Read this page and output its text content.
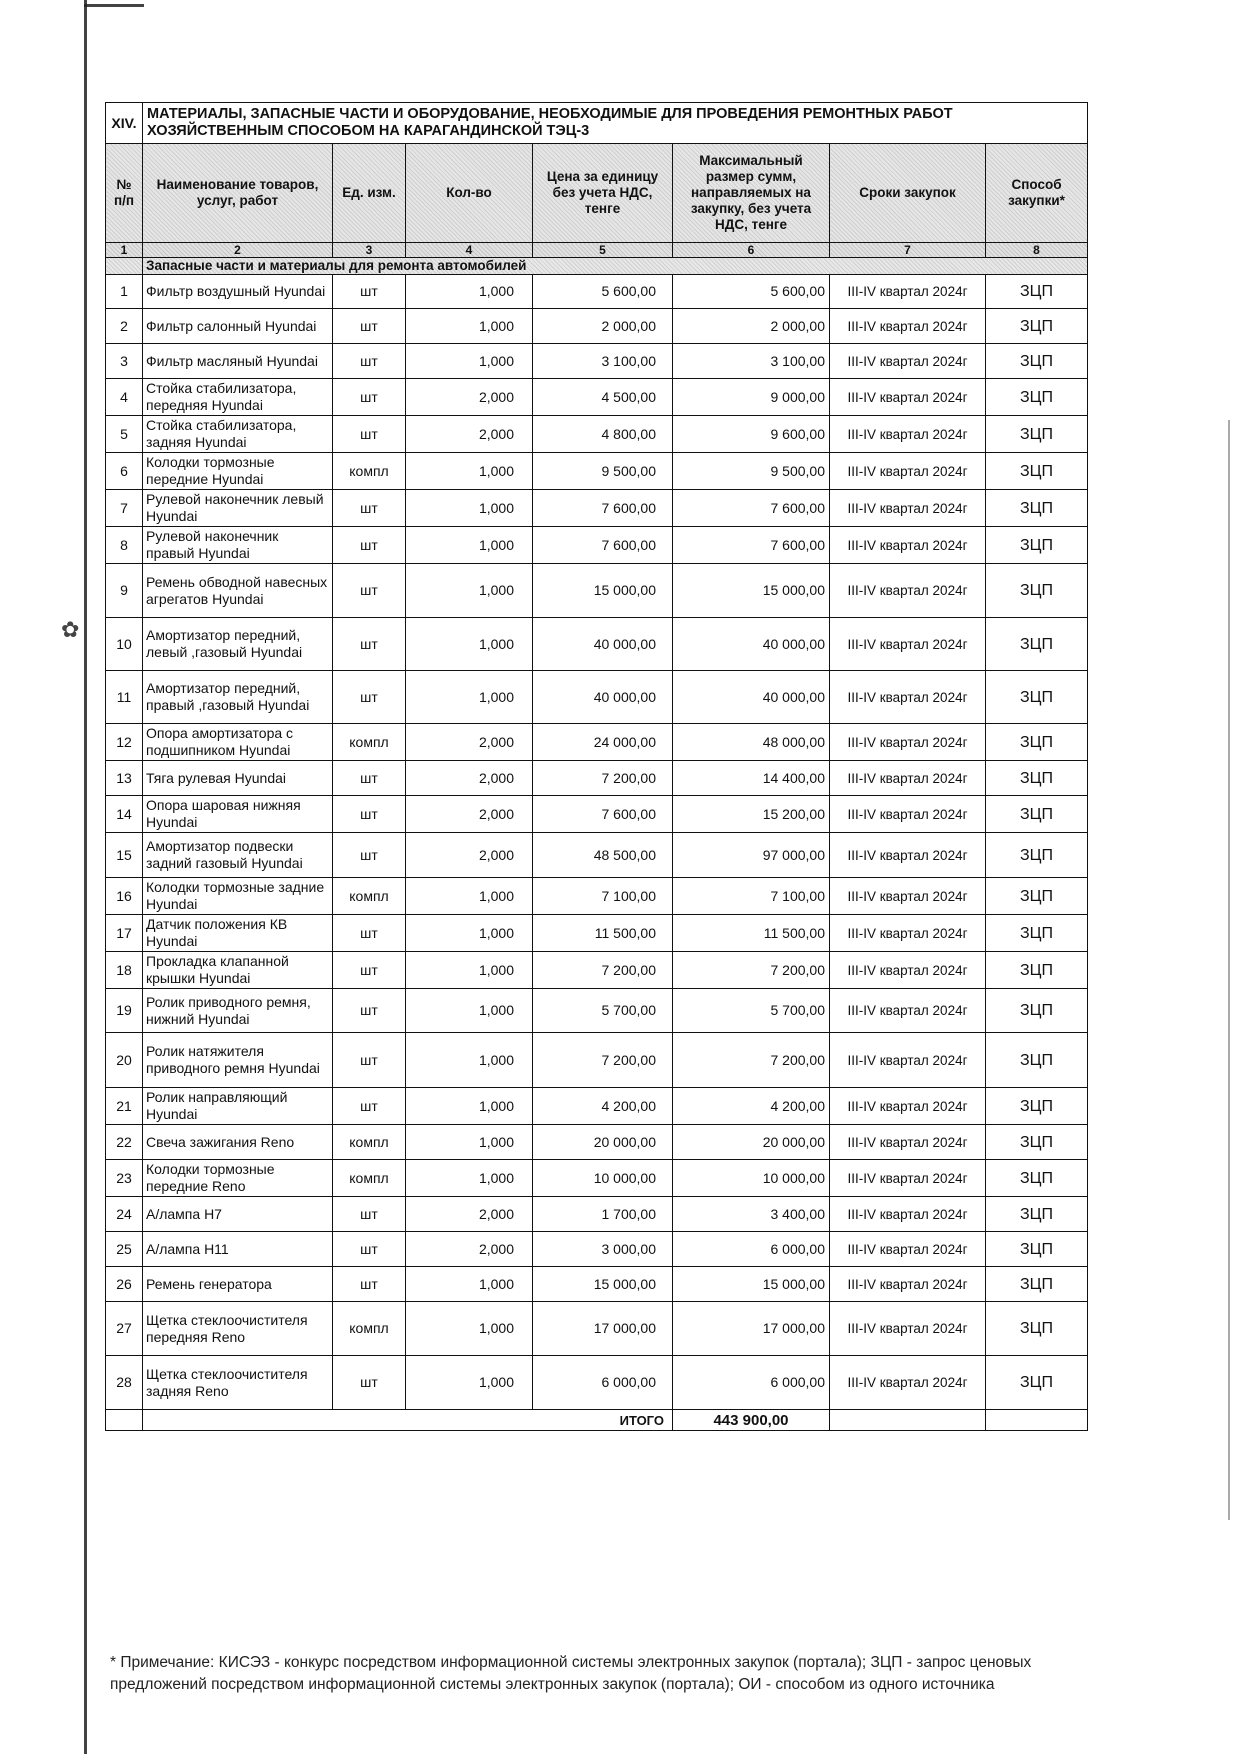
✿
XIV.	МАТЕРИАЛЫ, ЗАПАСНЫЕ ЧАСТИ И ОБОРУДОВАНИЕ, НЕОБХОДИМЫЕ ДЛЯ ПРОВЕДЕНИЯ РЕМОНТНЫХ РАБОТ ХОЗЯЙСТВЕННЫМ СПОСОБОМ НА КАРАГАНДИНСКОЙ ТЭЦ-3						
№ п/п	Наименование товаров, услуг, работ	Ед. изм.	Кол-во	Цена за единицу без учета НДС, тенге	Максимальный размер сумм, направляемых на закупку, без учета НДС, тенге	Сроки закупок	Способ закупки*
1	2	3	4	5	6	7	8
	Запасные части и материалы для ремонта автомобилей						
1	Фильтр воздушный Hyundai	шт	1,000	5 600,00	5 600,00	III-IV квартал 2024г	ЗЦП
2	Фильтр салонный Hyundai	шт	1,000	2 000,00	2 000,00	III-IV квартал 2024г	ЗЦП
3	Фильтр масляный Hyundai	шт	1,000	3 100,00	3 100,00	III-IV квартал 2024г	ЗЦП
4	Стойка стабилизатора, передняя Hyundai	шт	2,000	4 500,00	9 000,00	III-IV квартал 2024г	ЗЦП
5	Стойка стабилизатора, задняя Hyundai	шт	2,000	4 800,00	9 600,00	III-IV квартал 2024г	ЗЦП
6	Колодки тормозные передние Hyundai	компл	1,000	9 500,00	9 500,00	III-IV квартал 2024г	ЗЦП
7	Рулевой наконечник левый Hyundai	шт	1,000	7 600,00	7 600,00	III-IV квартал 2024г	ЗЦП
8	Рулевой наконечник правый Hyundai	шт	1,000	7 600,00	7 600,00	III-IV квартал 2024г	ЗЦП
9	Ремень обводной навесных агрегатов Hyundai	шт	1,000	15 000,00	15 000,00	III-IV квартал 2024г	ЗЦП
10	Амортизатор передний, левый ,газовый Hyundai	шт	1,000	40 000,00	40 000,00	III-IV квартал 2024г	ЗЦП
11	Амортизатор передний, правый ,газовый Hyundai	шт	1,000	40 000,00	40 000,00	III-IV квартал 2024г	ЗЦП
12	Опора амортизатора с подшипником Hyundai	компл	2,000	24 000,00	48 000,00	III-IV квартал 2024г	ЗЦП
13	Тяга рулевая Hyundai	шт	2,000	7 200,00	14 400,00	III-IV квартал 2024г	ЗЦП
14	Опора шаровая нижняя Hyundai	шт	2,000	7 600,00	15 200,00	III-IV квартал 2024г	ЗЦП
15	Амортизатор подвески задний газовый Hyundai	шт	2,000	48 500,00	97 000,00	III-IV квартал 2024г	ЗЦП
16	Колодки тормозные задние Hyundai	компл	1,000	7 100,00	7 100,00	III-IV квартал 2024г	ЗЦП
17	Датчик положения КВ Hyundai	шт	1,000	11 500,00	11 500,00	III-IV квартал 2024г	ЗЦП
18	Прокладка клапанной крышки Hyundai	шт	1,000	7 200,00	7 200,00	III-IV квартал 2024г	ЗЦП
19	Ролик приводного ремня, нижний Hyundai	шт	1,000	5 700,00	5 700,00	III-IV квартал 2024г	ЗЦП
20	Ролик натяжителя приводного ремня Hyundai	шт	1,000	7 200,00	7 200,00	III-IV квартал 2024г	ЗЦП
21	Ролик направляющий Hyundai	шт	1,000	4 200,00	4 200,00	III-IV квартал 2024г	ЗЦП
22	Свеча зажигания Reno	компл	1,000	20 000,00	20 000,00	III-IV квартал 2024г	ЗЦП
23	Колодки тормозные передние Reno	компл	1,000	10 000,00	10 000,00	III-IV квартал 2024г	ЗЦП
24	А/лампа Н7	шт	2,000	1 700,00	3 400,00	III-IV квартал 2024г	ЗЦП
25	А/лампа Н11	шт	2,000	3 000,00	6 000,00	III-IV квартал 2024г	ЗЦП
26	Ремень генератора	шт	1,000	15 000,00	15 000,00	III-IV квартал 2024г	ЗЦП
27	Щетка стеклоочистителя передняя Reno	компл	1,000	17 000,00	17 000,00	III-IV квартал 2024г	ЗЦП
28	Щетка стеклоочистителя задняя Reno	шт	1,000	6 000,00	6 000,00	III-IV квартал 2024г	ЗЦП
	ИТОГО				443 900,00		
* Примечание: КИСЭЗ - конкурс посредством информационной системы электронных закупок (портала); ЗЦП - запрос ценовых предложений посредством информационной системы электронных закупок (портала); ОИ - способом из одного источника
